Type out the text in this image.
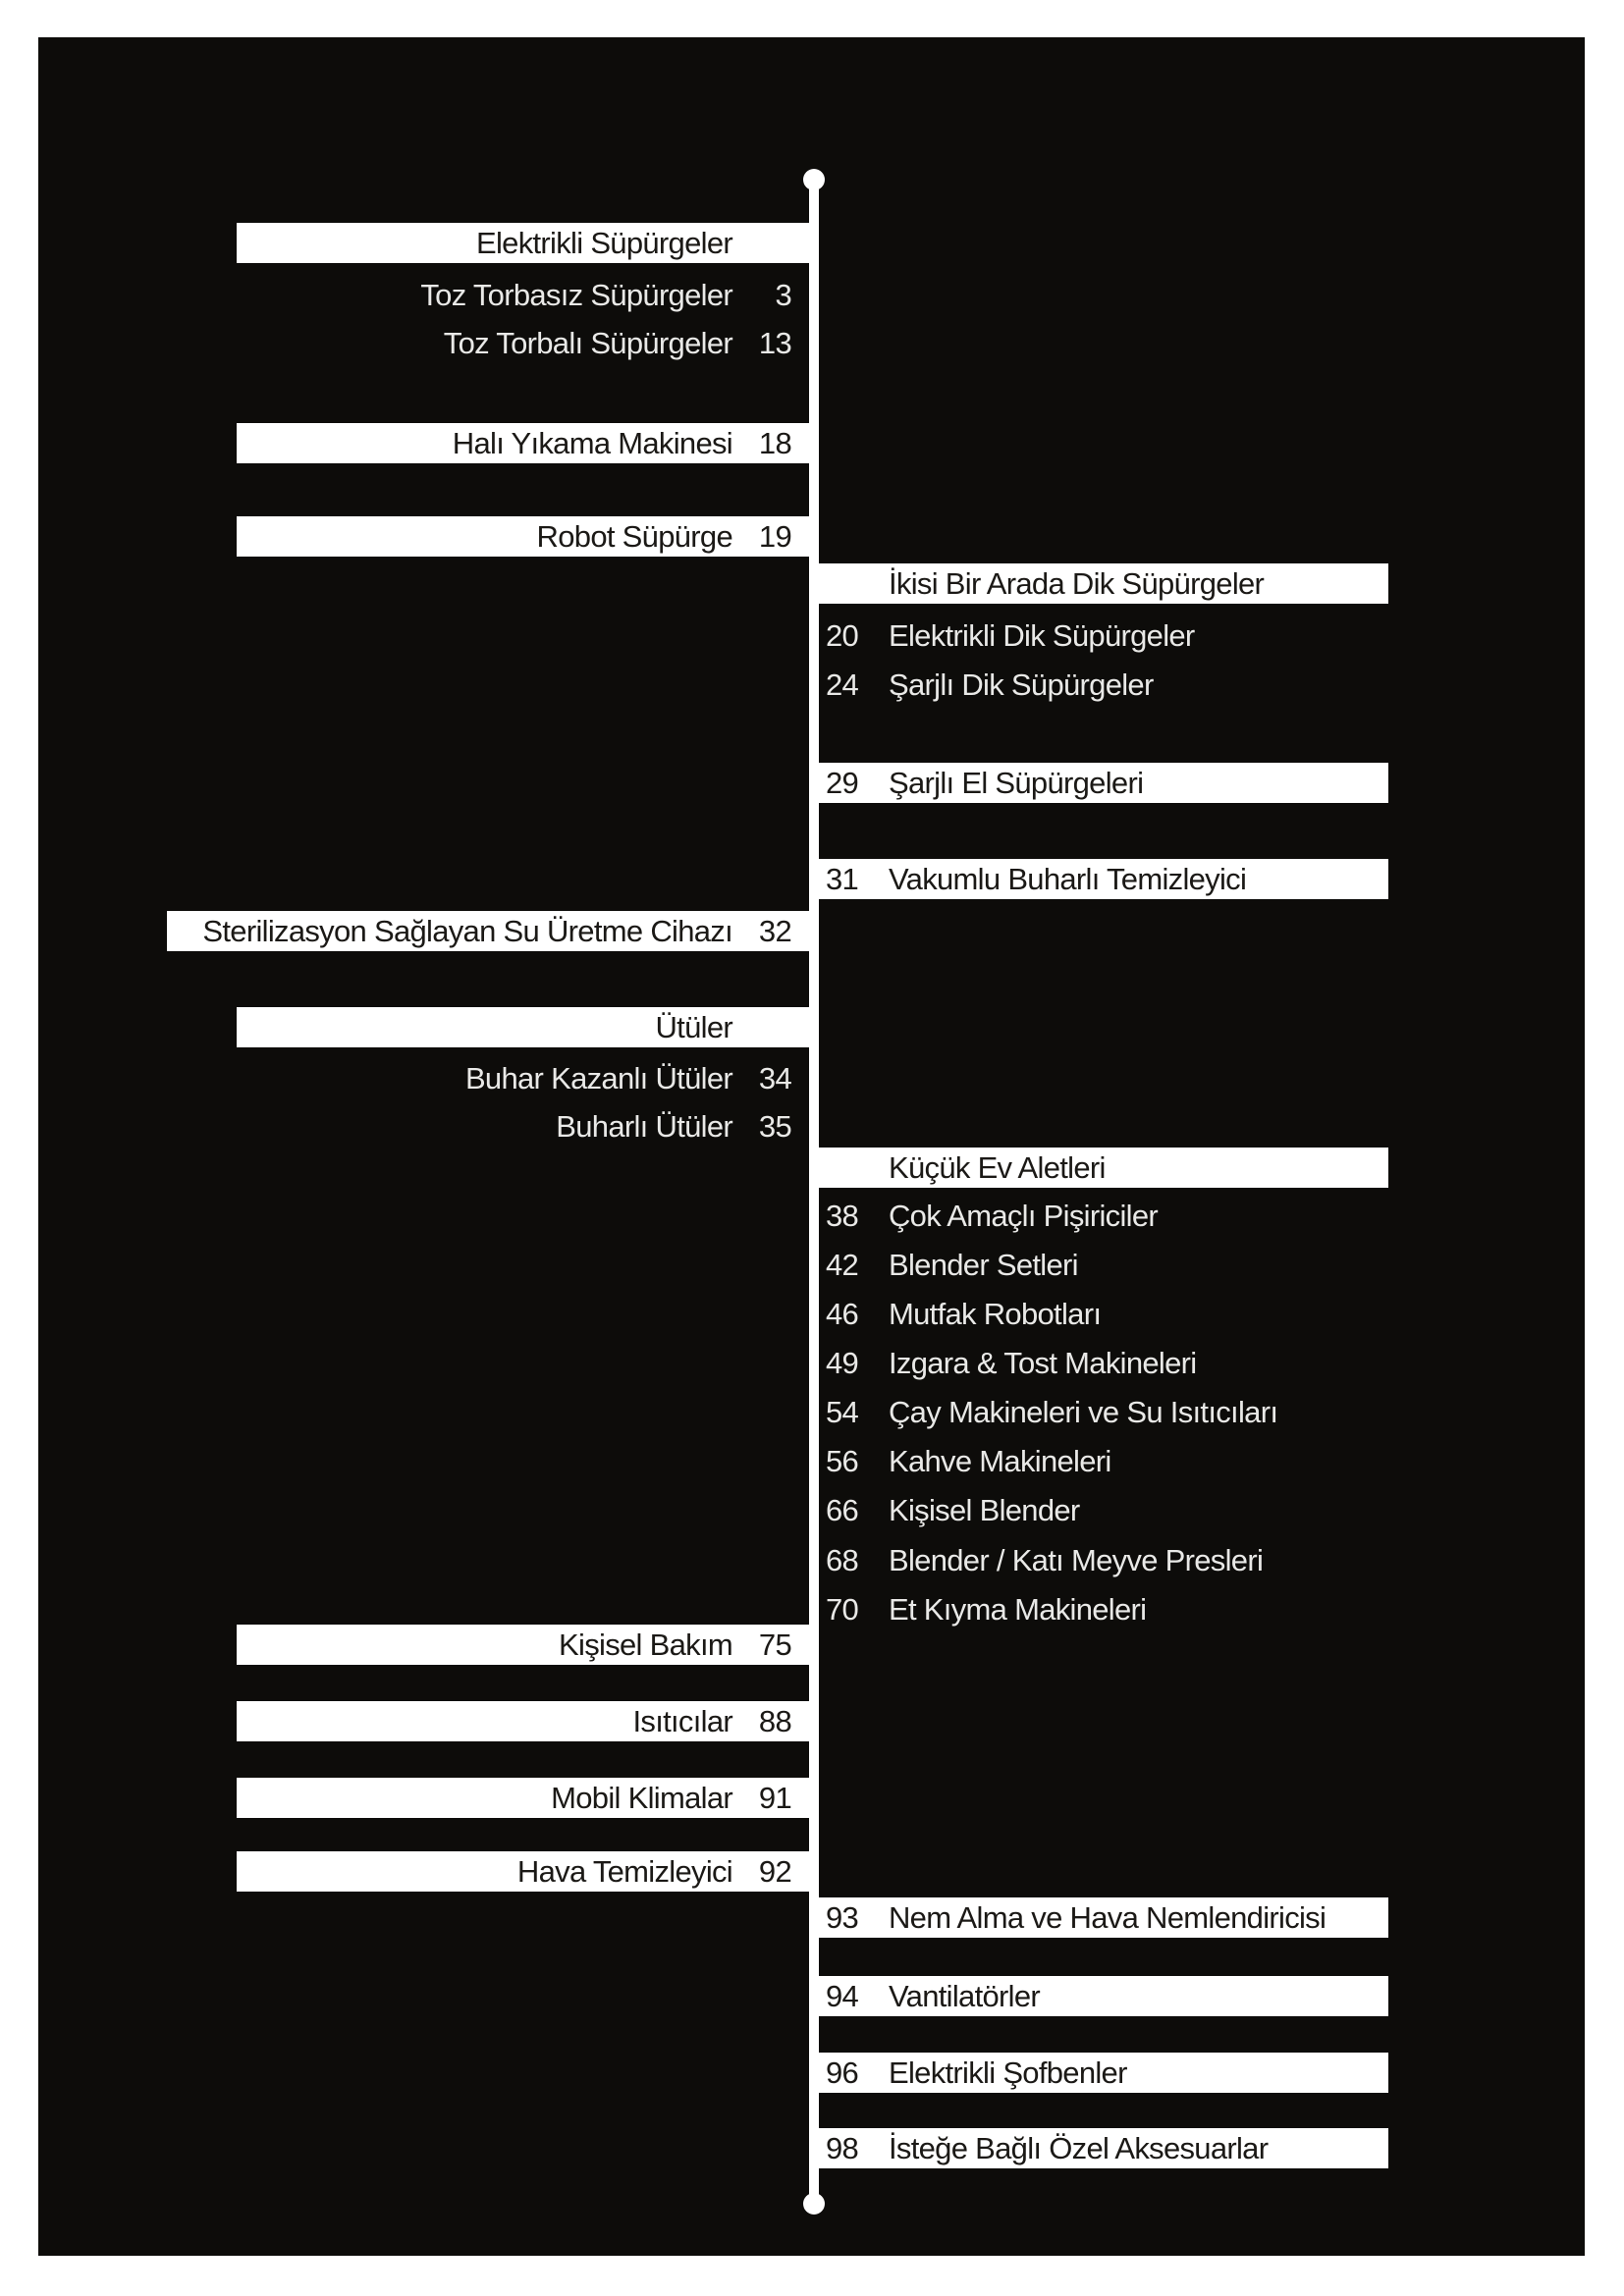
Elektrikli Süpürgeler
Toz Torbasız Süpürgeler	3
Toz Torbalı Süpürgeler 13
Halı Yıkama Makinesi 18
Robot Süpürge 19
Sterilizasyon Sağlayan Su Üretme Cihazı 32
Ütüler
Buhar Kazanlı Ütüler 34
Buharlı Ütüler 35
Kişisel Bakım 75
Isıtıcılar 88
Mobil Klimalar 91
Hava Temizleyici 92
İkisi Bir Arada Dik Süpürgeler
20 Elektrikli Dik Süpürgeler
24 Şarjlı Dik Süpürgeler
29 Şarjlı El Süpürgeleri
31 Vakumlu Buharlı Temizleyici
Küçük Ev Aletleri
38 Çok Amaçlı Pişiriciler
42 Blender Setleri
46 Mutfak Robotları
49 Izgara & Tost Makineleri
54 Çay Makineleri ve Su Isıtıcıları
56 Kahve Makineleri
66 Kişisel Blender
68 Blender / Katı Meyve Presleri
70 Et Kıyma Makineleri
93 Nem Alma ve Hava Nemlendiricisi
94 Vantilatörler
96 Elektrikli Şofbenler
98 İsteğe Bağlı Özel Aksesuarlar
